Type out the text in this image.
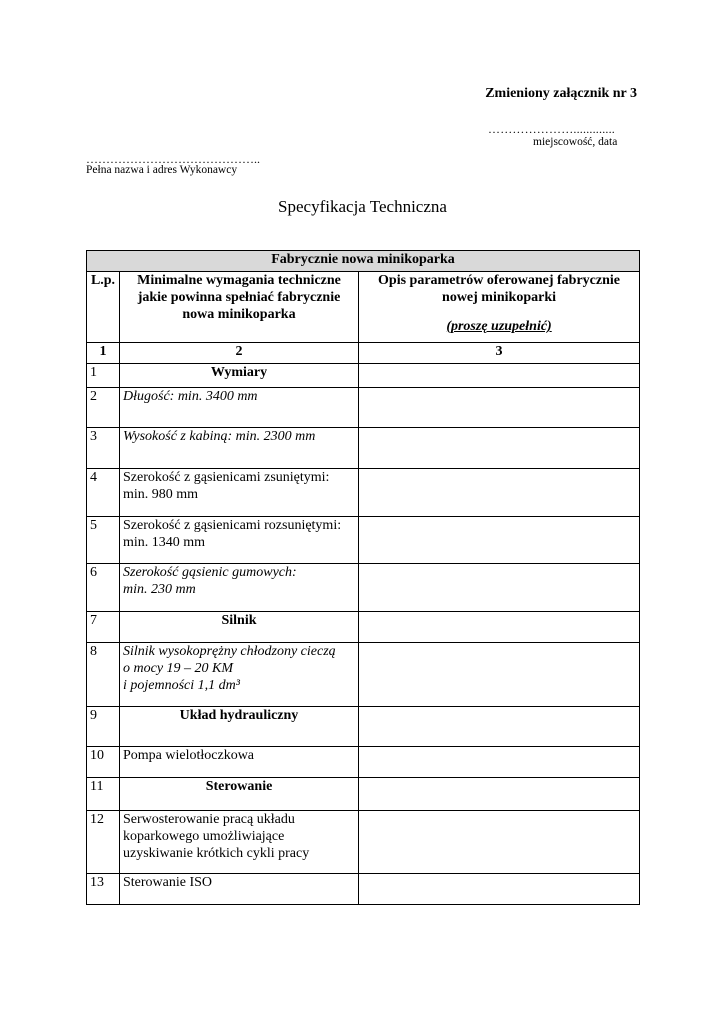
Zmieniony załącznik nr 3
………………….............
miejscowość, data
……………………………………..
Pełna nazwa i adres Wykonawcy
Specyfikacja Techniczna
Fabrycznie nowa minikoparka		
L.p.	Minimalne wymagania techniczne jakie powinna spełniać fabrycznie nowa minikoparka	Opis parametrów oferowanej fabrycznie nowej minikoparki
(proszę uzupełnić)
1	2	3
1	Wymiary	
2	Długość: min. 3400 mm	
3	Wysokość z kabiną: min. 2300 mm	
4	Szerokość z gąsienicami zsuniętymi: min. 980 mm	
5	Szerokość z gąsienicami rozsuniętymi: min. 1340 mm	
6	Szerokość gąsienic gumowych:
min. 230 mm	
7	Silnik	
8	Silnik wysokoprężny chłodzony cieczą
o mocy 19 – 20 KM
i pojemności 1,1 dm³	
9	Układ hydrauliczny	
10	Pompa wielotłoczkowa	
11	Sterowanie	
12	Serwosterowanie pracą układu koparkowego umożliwiające uzyskiwanie krótkich cykli pracy	
13	Sterowanie ISO	
